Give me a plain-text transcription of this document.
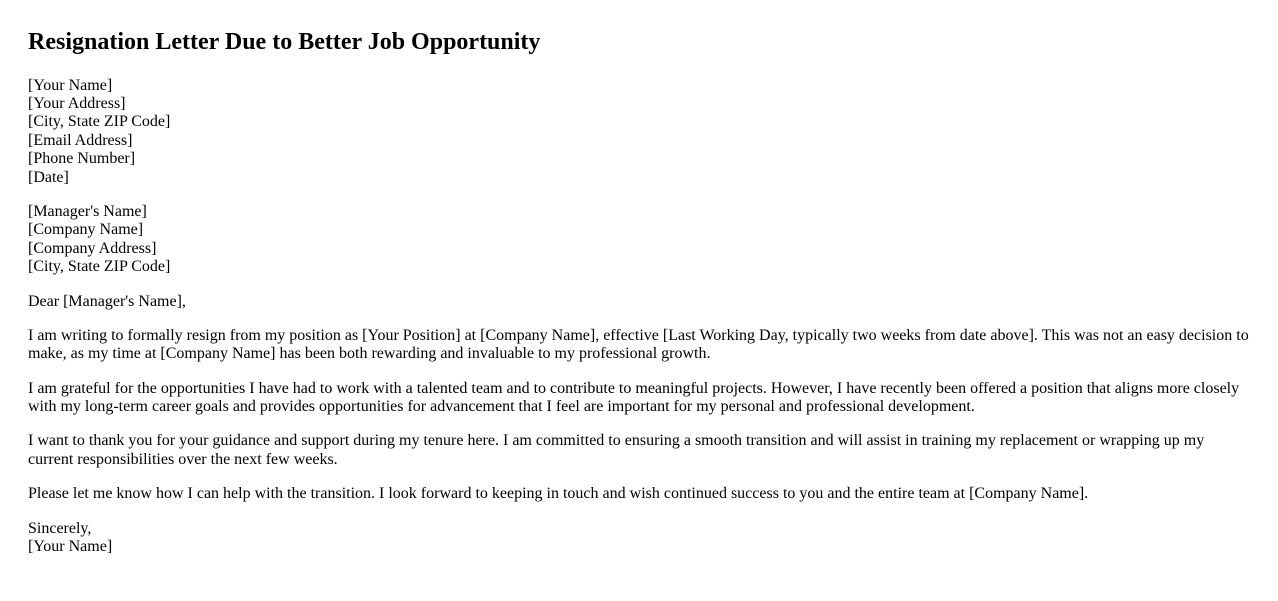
Resignation Letter Due to Better Job Opportunity

[Your Name]
[Your Address]
[City, State ZIP Code]
[Email Address]
[Phone Number]
[Date]

[Manager's Name]
[Company Name]
[Company Address]
[City, State ZIP Code]

Dear [Manager's Name],

I am writing to formally resign from my position as [Your Position] at [Company Name], effective [Last Working Day, typically two weeks from date above]. This was not an easy decision to make, as my time at [Company Name] has been both rewarding and invaluable to my professional growth.

I am grateful for the opportunities I have had to work with a talented team and to contribute to meaningful projects. However, I have recently been offered a position that aligns more closely with my long-term career goals and provides opportunities for advancement that I feel are important for my personal and professional development.

I want to thank you for your guidance and support during my tenure here. I am committed to ensuring a smooth transition and will assist in training my replacement or wrapping up my current responsibilities over the next few weeks.

Please let me know how I can help with the transition. I look forward to keeping in touch and wish continued success to you and the entire team at [Company Name].

Sincerely,
[Your Name]
